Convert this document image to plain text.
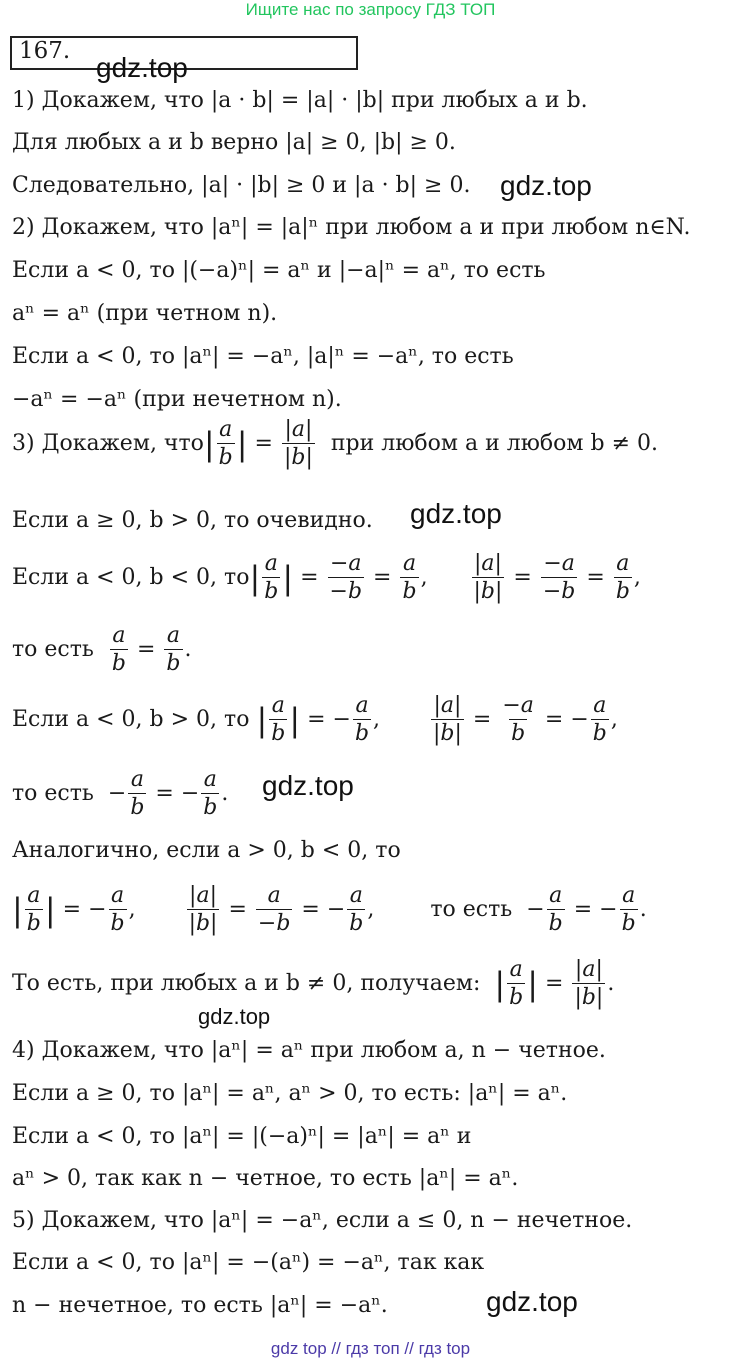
Ищите нас по запросу ГДЗ ТОП
167.
gdz.top
1) Докажем, что |a · b| = |a| · |b| при любых a и b.
Для любых a и b верно |a| ≥ 0, |b| ≥ 0.
Следовательно, |a| · |b| ≥ 0 и |a · b| ≥ 0. gdz.top
2) Докажем, что |aⁿ| = |a|ⁿ при любом a и при любом n∈N.
Если a < 0, то |(−a)ⁿ| = aⁿ и |−a|ⁿ = aⁿ, то есть
aⁿ = aⁿ (при четном n).
Если a < 0, то |aⁿ| = −aⁿ, |a|ⁿ = −aⁿ, то есть
−aⁿ = −aⁿ (при нечетном n).
3) Докажем, что | $\frac{a}{b}$ | = $\frac{|a|}{|b|}$
при любом a и любом b ≠ 0.
Если a ≥ 0, b > 0, то очевидно. gdz.top
Если a < 0, b < 0, то | $\frac{a}{b}$ | = $\frac{-a}{-b} = \frac{a}{b}$ , $\frac{|a|}{|b|} = \frac{-a}{-b} = \frac{a}{b}$ ,
то есть
$\frac{a}{b} = \frac{a}{b}$ .
Если a < 0, b > 0, то
| $\frac{a}{b}$ | = − $\frac{a}{b}$ , $\frac{|a|}{|b|} = \frac{-a}{b}$ = − $\frac{a}{b}$ ,
то есть − $\frac{a}{b}$ = − $\frac{a}{b}$ . gdz.top
Аналогично, если a > 0, b < 0, то
| $\frac{a}{b}$ | = − $\frac{a}{b}$ , $\frac{|a|}{|b|} = \frac{a}{-b}$ = − $\frac{a}{b}$ , то есть − $\frac{a}{b}$ = − $\frac{a}{b}$ .
То есть, при любых a и b ≠ 0, получаем:
| $\frac{a}{b}$ | = $\frac{|a|}{|b|}$ .
gdz.top
4) Докажем, что |aⁿ| = aⁿ при любом a, n − четное.
Если a ≥ 0, то |aⁿ| = aⁿ, aⁿ > 0, то есть: |aⁿ| = aⁿ.
Если a < 0, то |aⁿ| = |(−a)ⁿ| = |aⁿ| = aⁿ и
aⁿ > 0, так как n − четное, то есть |aⁿ| = aⁿ.
5) Докажем, что |aⁿ| = −aⁿ, если a ≤ 0, n − нечетное.
Если a < 0, то |aⁿ| = −(aⁿ) = −aⁿ, так как
n − нечетное, то есть |aⁿ| = −aⁿ.	gdz.top
gdz top // гдз топ // гдз top
